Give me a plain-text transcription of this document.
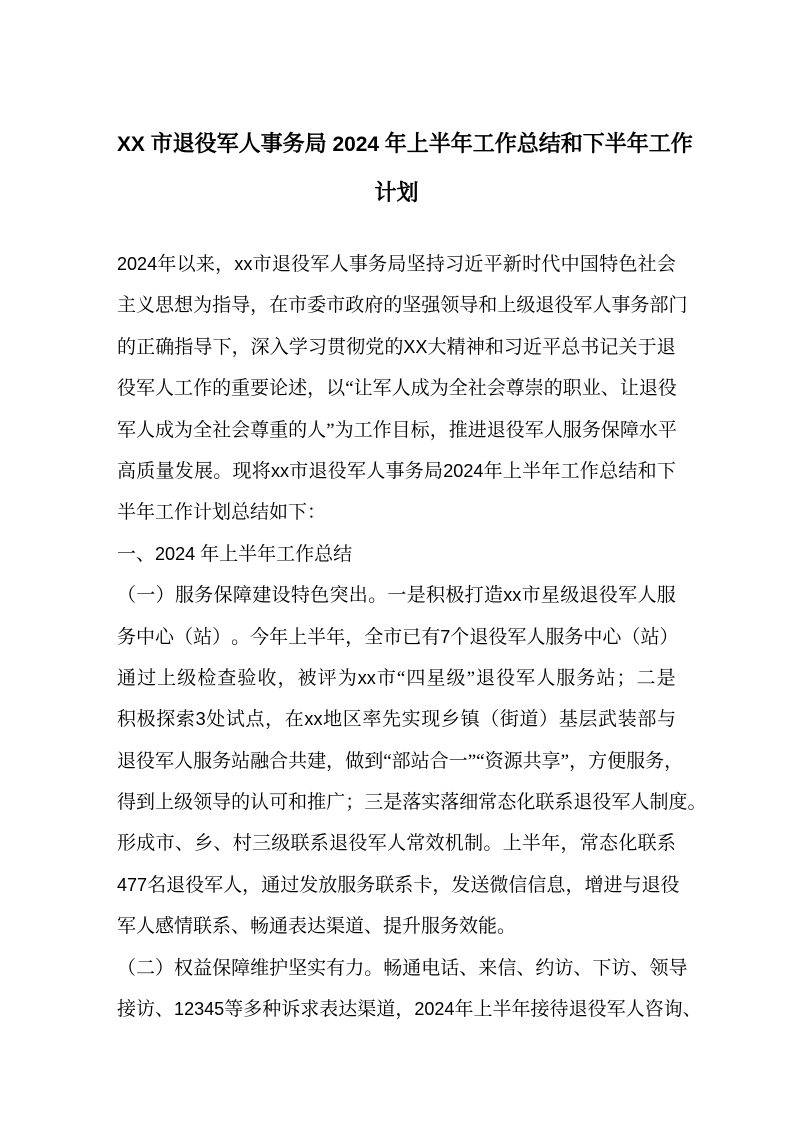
XX 市退役军人事务局 2024 年上半年工作总结和下半年工作
计划
2024 年 以 来 ， xx 市 退 役 军 人 事 务 局 坚 持 习 近 平 新 时 代 中 国 特 色 社 会
主 义 思 想 为 指 导 ， 在 市 委 市 政 府 的 坚 强 领 导 和 上 级 退 役 军 人 事 务 部 门
的 正 确 指 导 下 ， 深 入 学 习 贯 彻 党 的 XX 大 精 神 和 习 近 平 总 书 记 关 于 退
役 军 人 工 作 的 重 要 论 述 ， 以 “ 让 军 人 成 为 全 社 会 尊 崇 的 职 业 、 让 退 役
军 人 成 为 全 社 会 尊 重 的 人 ” 为 工 作 目 标 ， 推 进 退 役 军 人 服 务 保 障 水 平
高 质 量 发 展 。 现 将 xx 市 退 役 军 人 事 务 局 2024 年 上 半 年 工 作 总 结 和 下
半年工作计划总结如下：
一、2024 年上半年工作总结
（ 一 ） 服 务 保 障 建 设 特 色 突 出 。 一 是 积 极 打 造 xx 市 星 级 退 役 军 人 服
务 中 心 （ 站 ） 。 今 年 上 半 年 ， 全 市 已 有 7 个 退 役 军 人 服 务 中 心 （ 站 ）
通 过 上 级 检 查 验 收 ， 被 评 为 xx 市 “ 四 星 级 ” 退 役 军 人 服 务 站 ； 二 是
积 极 探 索 3 处 试 点 ， 在 xx 地 区 率 先 实 现 乡 镇 （ 街 道 ） 基 层 武 装 部 与
退 役 军 人 服 务 站 融 合 共 建 ， 做 到 “ 部 站 合 一 ” “ 资 源 共 享 ” ， 方 便 服 务 ，
得 到 上 级 领 导 的 认 可 和 推 广 ； 三 是 落 实 落 细 常 态 化 联 系 退 役 军 人 制 度 。
形 成 市 、 乡 、 村 三 级 联 系 退 役 军 人 常 效 机 制 。 上 半 年 ， 常 态 化 联 系
477 名 退 役 军 人 ， 通 过 发 放 服 务 联 系 卡 ， 发 送 微 信 信 息 ， 增 进 与 退 役
军人感情联系、畅通表达渠道、提升服务效能。
（ 二 ） 权 益 保 障 维 护 坚 实 有 力 。 畅 通 电 话 、 来 信 、 约 访 、 下 访 、 领 导
接 访 、 12345 等 多 种 诉 求 表 达 渠 道 ， 2024 年 上 半 年 接 待 退 役 军 人 咨 询 、
